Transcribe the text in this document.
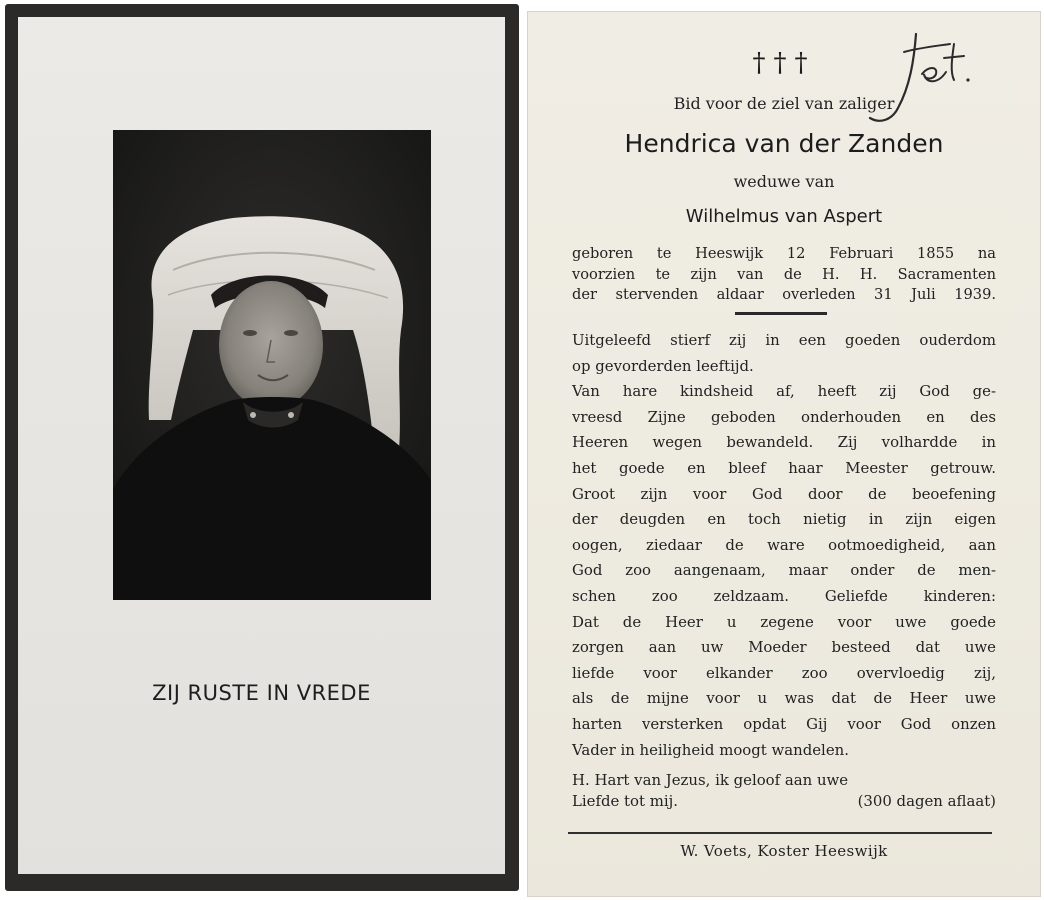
ZIJ RUSTE IN VREDE
†††
Bid voor de ziel van zaliger
Hendrica van der Zanden
weduwe van
Wilhelmus van Aspert
geboren te Heeswijk 12 Februari 1855 na
voorzien te zijn van de H. H. Sacramenten
der stervenden aldaar overleden 31 Juli 1939.
Uitgeleefd stierf zij in een goeden ouderdom
op gevorderden leeftijd.
Van hare kindsheid af, heeft zij God ge-
vreesd Zijne geboden onderhouden en des
Heeren wegen bewandeld. Zij volhardde in
het goede en bleef haar Meester getrouw.
Groot zijn voor God door de beoefening
der deugden en toch nietig in zijn eigen
oogen, ziedaar de ware ootmoedigheid, aan
God zoo aangenaam, maar onder de men-
schen zoo zeldzaam. Geliefde kinderen:
Dat de Heer u zegene voor uwe goede
zorgen aan uw Moeder besteed dat uwe
liefde voor elkander zoo overvloedig zij,
als de mijne voor u was dat de Heer uwe
harten versterken opdat Gij voor God onzen
Vader in heiligheid moogt wandelen.
H. Hart van Jezus, ik geloof aan uwe
Liefde tot mij.	(300 dagen aflaat)
W. Voets, Koster Heeswijk
